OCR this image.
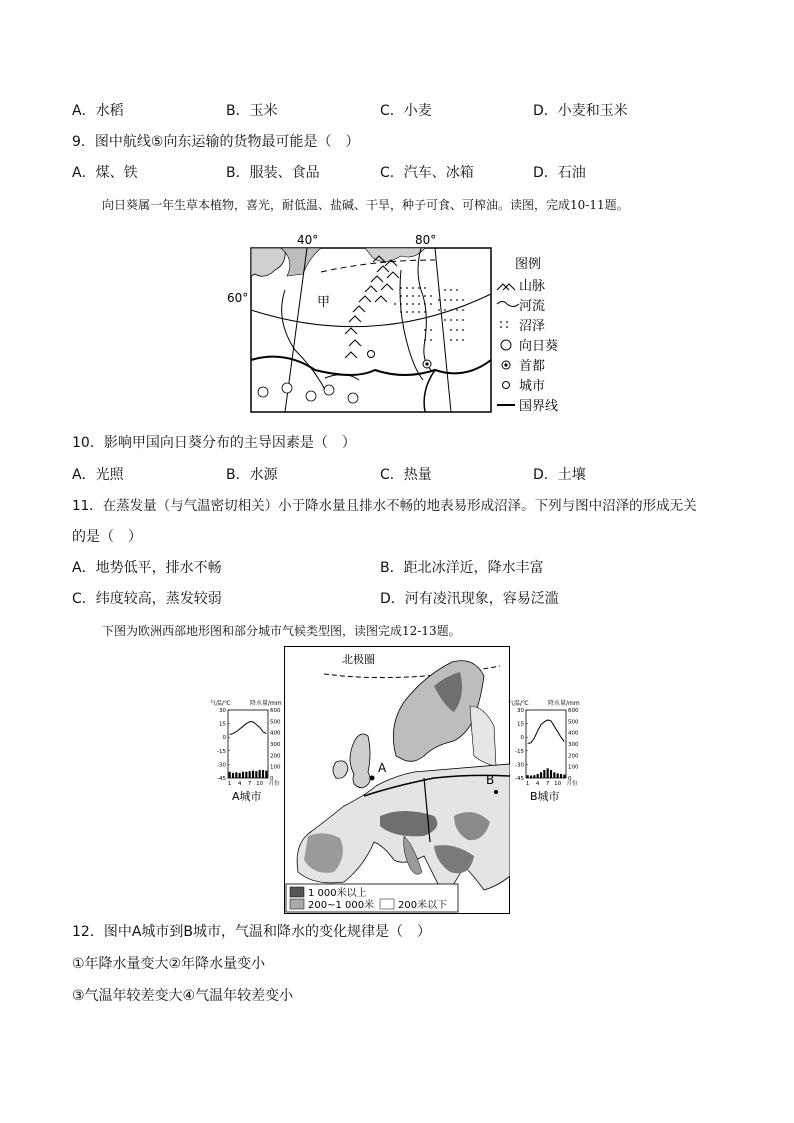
A．水稻	B．玉米	C．小麦	D．小麦和玉米
9．图中航线⑤向东运输的货物最可能是（　）
A．煤、铁	B．服装、食品	C．汽车、冰箱	D．石油
向日葵属一年生草本植物，喜光，耐低温、盐碱、干旱，种子可食、可榨油。读图，完成10-11题。
40°	80°
60°	甲
图例
山脉
河流
沼泽
向日葵
首都
城市
国界线
10．影响甲国向日葵分布的主导因素是（　）
A．光照	B．水源	C．热量	D．土壤
11．在蒸发量（与气温密切相关）小于降水量且排水不畅的地表易形成沼泽。下列与图中沼泽的形成无关
的是（　）
A．地势低平，排水不畅	B．距北冰洋近，降水丰富
C．纬度较高，蒸发较弱	D．河有凌汛现象，容易泛滥
下图为欧洲西部地形图和部分城市气候类型图，读图完成12-13题。
北极圈
A
B
1 000米以上
200~1 000米 200米以下
气温/℃	降水量/mm
30
15
0
-15
-30
-45
600
500
400
300
200
100
0
1 4 7 10 月份
A城市
气温/℃	降水量/mm
30
15
0
-15
-30
-45
600
500
400
300
200
100
0
1 4 7 10 月份
B城市
12．图中A城市到B城市，气温和降水的变化规律是（　）
①年降水量变大②年降水量变小
③气温年较差变大④气温年较差变小
